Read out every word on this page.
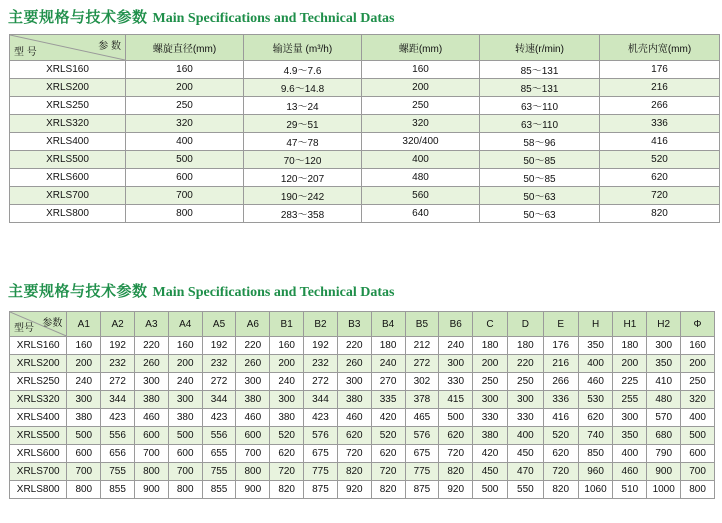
主要规格与技术参数 Main Specifications and Technical Datas
参 数
型 号	螺旋直径(mm)	输送量 (m³/h)	螺距(mm)	转速(r/min)	机壳内宽(mm)
XRLS160	160	4.9～7.6	160	85～131	176
XRLS200	200	9.6～14.8	200	85～131	216
XRLS250	250	13～24	250	63～110	266
XRLS320	320	29～51	320	63～110	336
XRLS400	400	47～78	320/400	58～96	416
XRLS500	500	70～120	400	50～85	520
XRLS600	600	120～207	480	50～85	620
XRLS700	700	190～242	560	50～63	720
XRLS800	800	283～358	640	50～63	820
主要规格与技术参数 Main Specifications and Technical Datas
参数
型号	A1	A2	A3	A4	A5	A6	B1	B2	B3	B4	B5	B6	C	D	E	H	H1	H2	Φ
XRLS160	160	192	220	160	192	220	160	192	220	180	212	240	180	180	176	350	180	300	160
XRLS200	200	232	260	200	232	260	200	232	260	240	272	300	200	220	216	400	200	350	200
XRLS250	240	272	300	240	272	300	240	272	300	270	302	330	250	250	266	460	225	410	250
XRLS320	300	344	380	300	344	380	300	344	380	335	378	415	300	300	336	530	255	480	320
XRLS400	380	423	460	380	423	460	380	423	460	420	465	500	330	330	416	620	300	570	400
XRLS500	500	556	600	500	556	600	520	576	620	520	576	620	380	400	520	740	350	680	500
XRLS600	600	656	700	600	655	700	620	675	720	620	675	720	420	450	620	850	400	790	600
XRLS700	700	755	800	700	755	800	720	775	820	720	775	820	450	470	720	960	460	900	700
XRLS800	800	855	900	800	855	900	820	875	920	820	875	920	500	550	820	1060	510	1000	800
